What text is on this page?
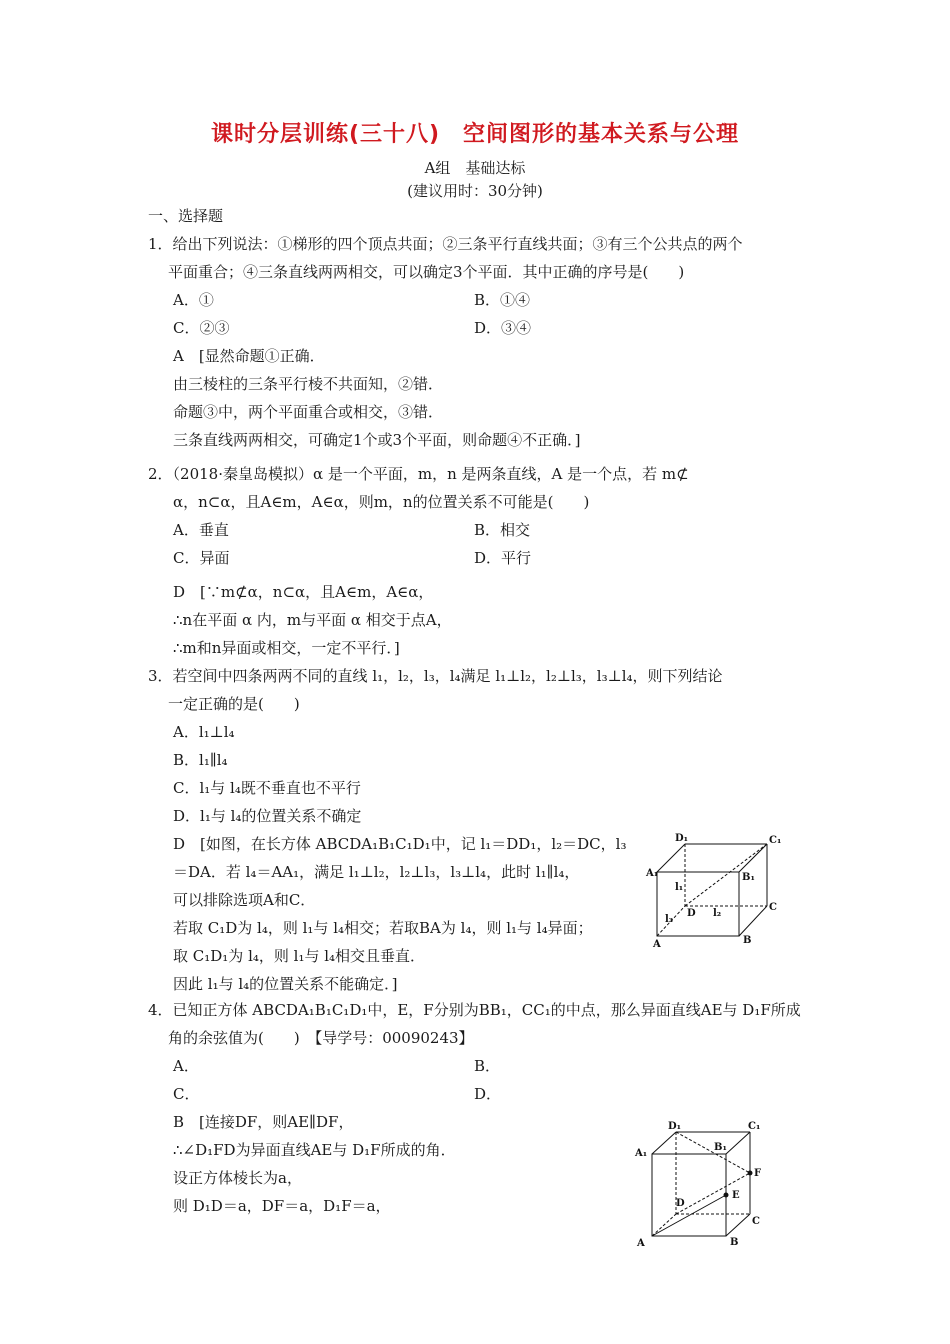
课时分层训练(三十八)　空间图形的基本关系与公理
A组　基础达标
(建议用时：30分钟)
一、选择题
1．给出下列说法：①梯形的四个顶点共面；②三条平行直线共面；③有三个公共点的两个
平面重合；④三条直线两两相交，可以确定3个平面．其中正确的序号是(　　)
A．①	B．①④
C．②③	D．③④
A　[显然命题①正确．
由三棱柱的三条平行棱不共面知，②错．
命题③中，两个平面重合或相交，③错．
三条直线两两相交，可确定1个或3个平面，则命题④不正确．]
2．（2018·秦皇岛模拟）α 是一个平面，m，n 是两条直线，A 是一个点，若 m⊄
α，n⊂α，且A∈m，A∈α，则m，n的位置关系不可能是(　　)
A．垂直	B．相交
C．异面	D．平行
D　[∵m⊄α，n⊂α，且A∈m，A∈α，
∴n在平面 α 内，m与平面 α 相交于点A，
∴m和n异面或相交，一定不平行．]
3．若空间中四条两两不同的直线 l₁，l₂，l₃，l₄满足 l₁⊥l₂，l₂⊥l₃，l₃⊥l₄，则下列结论
一定正确的是(　　)
A．l₁⊥l₄
B．l₁∥l₄
C．l₁与 l₄既不垂直也不平行
D．l₁与 l₄的位置关系不确定
D　[如图，在长方体 ABCDA₁B₁C₁D₁中，记 l₁＝DD₁，l₂＝DC，l₃
＝DA．若 l₄＝AA₁，满足 l₁⊥l₂，l₂⊥l₃，l₃⊥l₄，此时 l₁∥l₄，
可以排除选项A和C．
若取 C₁D为 l₄，则 l₁与 l₄相交；若取BA为 l₄，则 l₁与 l₄异面；
取 C₁D₁为 l₄，则 l₁与 l₄相交且垂直．
因此 l₁与 l₄的位置关系不能确定．]
D₁	C₁
A₁	B₁
l₁
l₃
D l₂
C
A	B
4．已知正方体 ABCDA₁B₁C₁D₁中，E，F分别为BB₁，CC₁的中点，那么异面直线AE与 D₁F所成
角的余弦值为(　　)　【导学号：00090243】
A．	B．
C．	D．
B　[连接DF，则AE∥DF，
∴∠D₁FD为异面直线AE与 D₁F所成的角．
设正方体棱长为a，
则 D₁D＝a，DF＝a，D₁F＝a，
D₁	C₁
B₁
A₁
F
E
D
C
A	B
